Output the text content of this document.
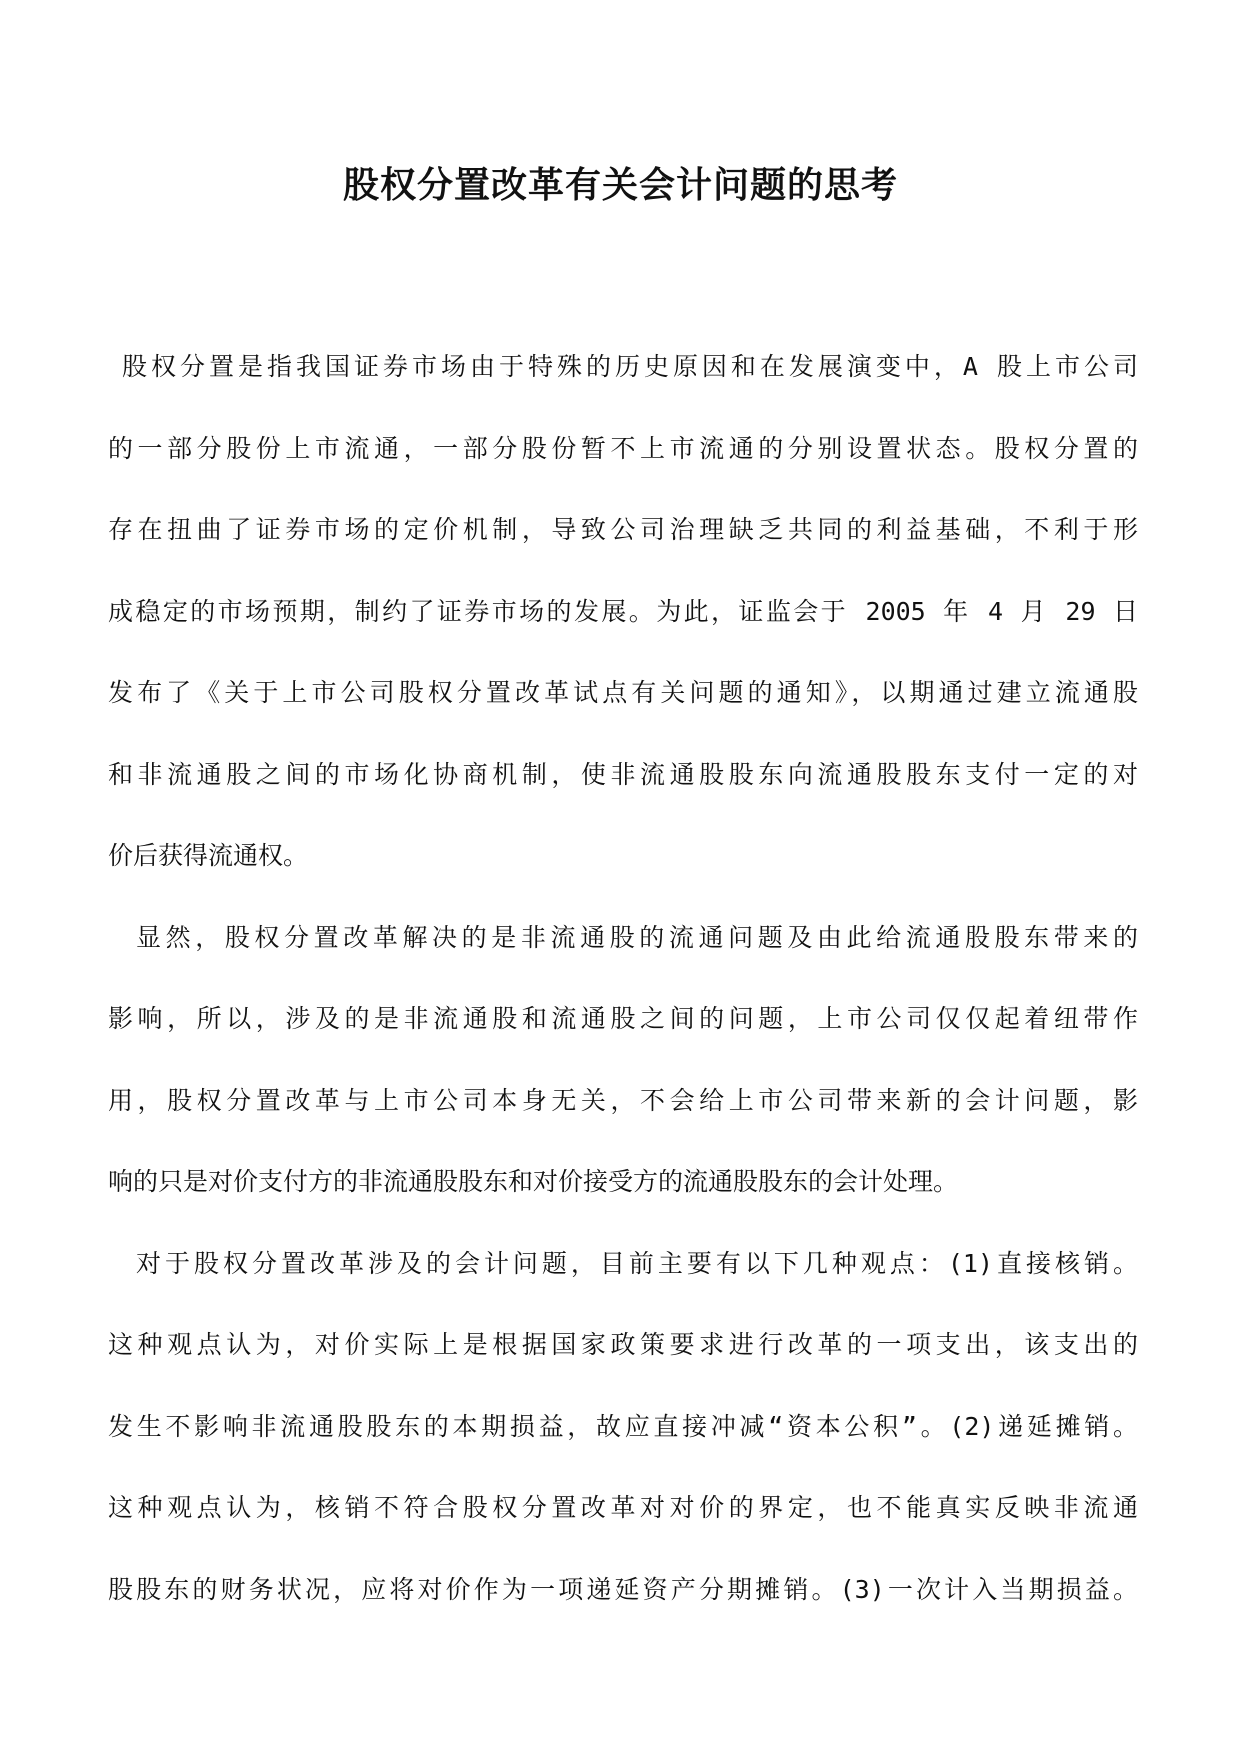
股权分置改革有关会计问题的思考
股权分置是指我国证券市场由于特殊的历史原因和在发展演变中，A 股上市公司
的一部分股份上市流通，一部分股份暂不上市流通的分别设置状态。股权分置的
存在扭曲了证券市场的定价机制，导致公司治理缺乏共同的利益基础，不利于形
成稳定的市场预期，制约了证券市场的发展。为此，证监会于 2005 年 4 月 29 日
发布了《关于上市公司股权分置改革试点有关问题的通知》，以期通过建立流通股
和非流通股之间的市场化协商机制，使非流通股股东向流通股股东支付一定的对
价后获得流通权。
显然，股权分置改革解决的是非流通股的流通问题及由此给流通股股东带来的
影响，所以，涉及的是非流通股和流通股之间的问题，上市公司仅仅起着纽带作
用，股权分置改革与上市公司本身无关，不会给上市公司带来新的会计问题，影
响的只是对价支付方的非流通股股东和对价接受方的流通股股东的会计处理。
对于股权分置改革涉及的会计问题，目前主要有以下几种观点：(1)直接核销。
这种观点认为，对价实际上是根据国家政策要求进行改革的一项支出，该支出的
发生不影响非流通股股东的本期损益，故应直接冲减“资本公积”。(2)递延摊销。
这种观点认为，核销不符合股权分置改革对对价的界定，也不能真实反映非流通
股股东的财务状况，应将对价作为一项递延资产分期摊销。(3)一次计入当期损益。
